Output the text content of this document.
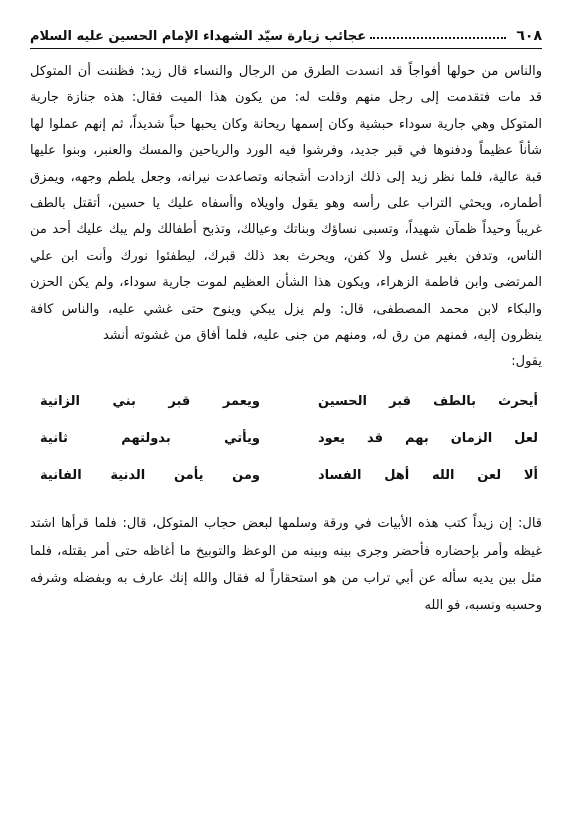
٦٠٨
عجائب زيارة سيّد الشهداء الإمام الحسين عليه السلام

والناس من حولها أفواجاً قد انسدت الطرق من الرجال والنساء قال زيد: فظننت أن المتوكل قد مات فتقدمت إلى رجل منهم وقلت له: من يكون هذا الميت فقال: هذه جنازة جارية المتوكل وهي جارية سوداء حبشية وكان إسمها ريحانة وكان يحبها حباً شديداً، ثم إنهم عملوا لها شأناً عظيماً ودفنوها في قبر جديد، وفرشوا فيه الورد والرياحين والمسك والعنبر، وبنوا عليها قبة عالية، فلما نظر زيد إلى ذلك ازدادت أشجانه وتصاعدت نيرانه، وجعل يلطم وجهه، ويمزق أطماره، ويحثي التراب على رأسه وهو يقول واويلاه واأسفاه عليك يا حسين، أتقتل بالطف غريباً وحيداً ظمآن شهيداً، وتسبى نساؤك وبناتك وعيالك، وتذبح أطفالك ولم يبك عليك أحد من الناس، وتدفن بغير غسل ولا كفن، ويحرث بعد ذلك قبرك، ليطفئوا نورك وأنت ابن علي المرتضى وابن فاطمة الزهراء، ويكون هذا الشأن العظيم لموت جارية سوداء، ولم يكن الحزن والبكاء لابن محمد المصطفى، قال: ولم يزل يبكي وينوح حتى غشي عليه، والناس كافة ينظرون إليه، فمنهم من رق له، ومنهم من جنى عليه، فلما أفاق من غشوته أنشد

يقول:

أيحرث بالطف قبر الحسين
ويعمر قبر بني الزانية
لعل الزمان بهم قد يعود
ويأتي بدولتهم ثانية
ألا لعن الله أهل الفساد
ومن يأمن الدنية الفانية

قال: إن زيداً كتب هذه الأبيات في ورقة وسلمها لبعض حجاب المتوكل، قال: فلما قرأها اشتد غيظه وأمر بإحضاره فأحضر وجرى بينه وبينه من الوعظ والتوبيخ ما أغاظه حتى أمر بقتله، فلما مثل بين يديه سأله عن أبي تراب من هو استحقاراً له فقال والله إنك عارف به وبفضله وشرفه وحسبه ونسبه، فو الله
